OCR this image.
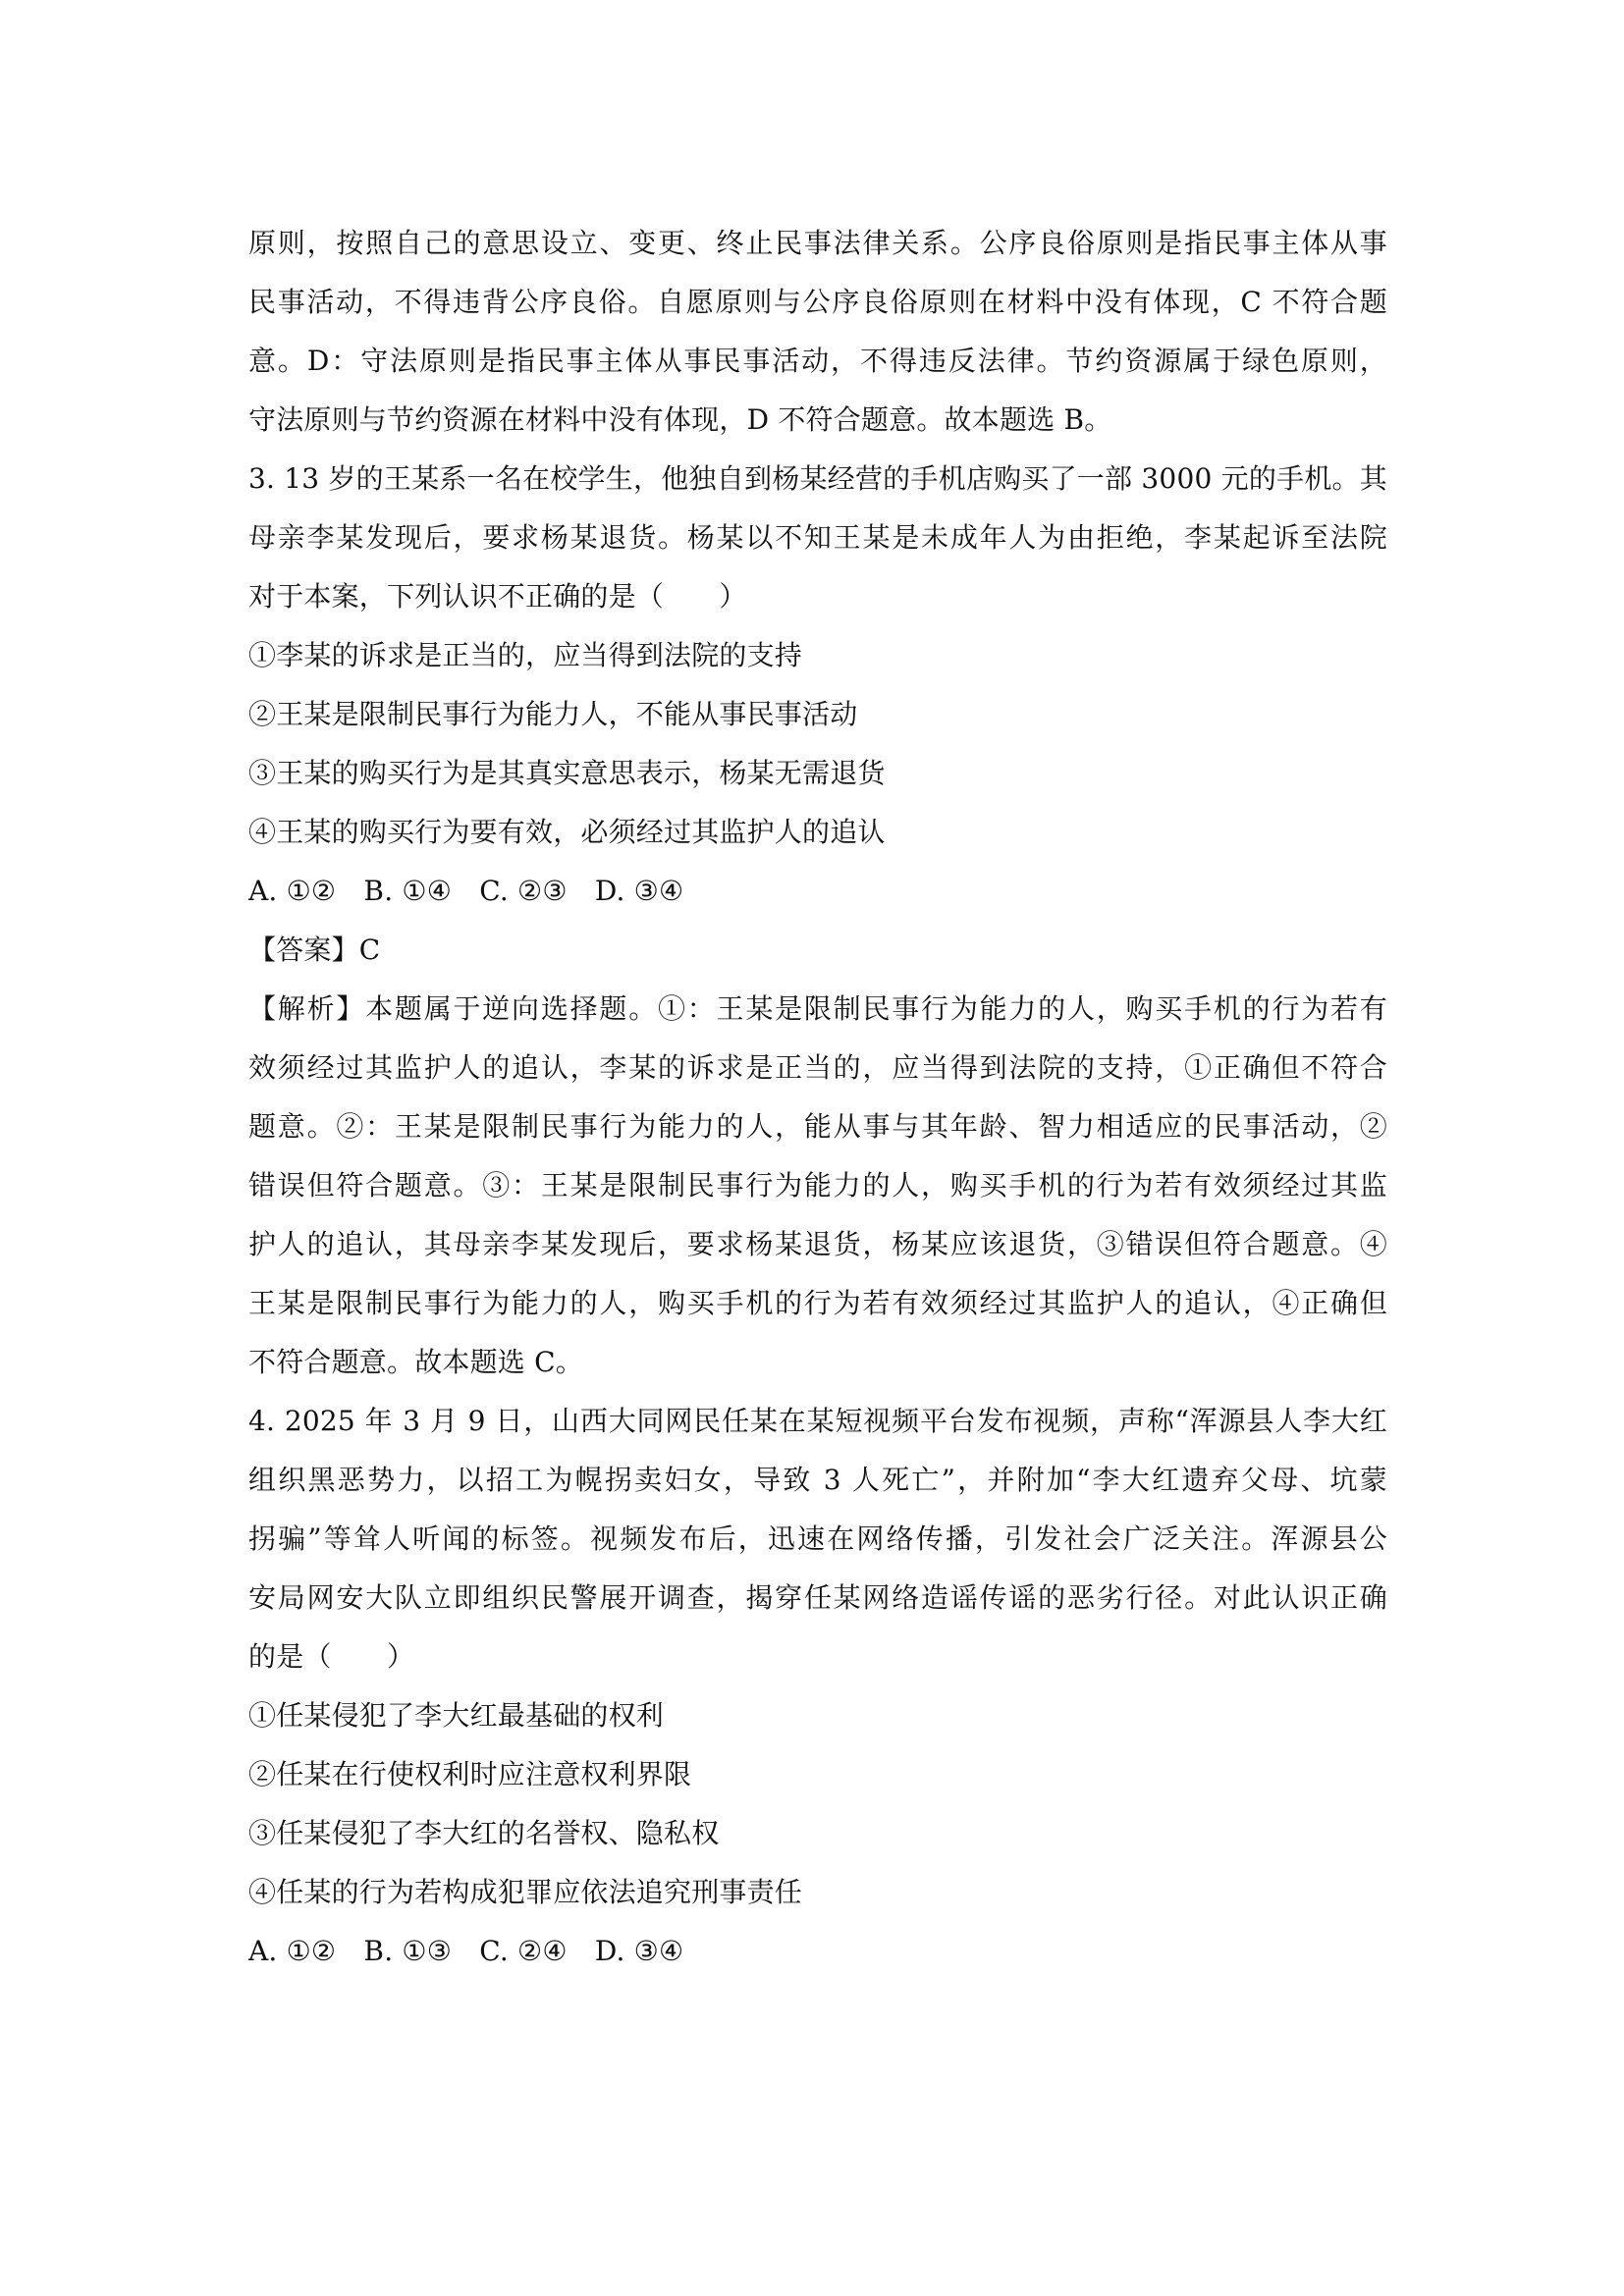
原则，按照自己的意思设立、变更、终止民事法律关系。公序良俗原则是指民事主体从事
民事活动，不得违背公序良俗。自愿原则与公序良俗原则在材料中没有体现，C 不符合题
意。D：守法原则是指民事主体从事民事活动，不得违反法律。节约资源属于绿色原则，
守法原则与节约资源在材料中没有体现，D 不符合题意。故本题选 B。
3. 13 岁的王某系一名在校学生，他独自到杨某经营的手机店购买了一部 3000 元的手机。其
母亲李某发现后，要求杨某退货。杨某以不知王某是未成年人为由拒绝，李某起诉至法院
对于本案，下列认识不正确的是（　　）
①李某的诉求是正当的，应当得到法院的支持
②王某是限制民事行为能力人，不能从事民事活动
③王某的购买行为是其真实意思表示，杨某无需退货
④王某的购买行为要有效，必须经过其监护人的追认
A. ①②　B. ①④　C. ②③　D. ③④
【答案】C
【解析】本题属于逆向选择题。①：王某是限制民事行为能力的人，购买手机的行为若有
效须经过其监护人的追认，李某的诉求是正当的，应当得到法院的支持，①正确但不符合
题意。②：王某是限制民事行为能力的人，能从事与其年龄、智力相适应的民事活动，②
错误但符合题意。③：王某是限制民事行为能力的人，购买手机的行为若有效须经过其监
护人的追认，其母亲李某发现后，要求杨某退货，杨某应该退货，③错误但符合题意。④
王某是限制民事行为能力的人，购买手机的行为若有效须经过其监护人的追认，④正确但
不符合题意。故本题选 C。
4. 2025 年 3 月 9 日，山西大同网民任某在某短视频平台发布视频，声称“浑源县人李大红
组织黑恶势力，以招工为幌拐卖妇女，导致 3 人死亡”，并附加“李大红遗弃父母、坑蒙
拐骗”等耸人听闻的标签。视频发布后，迅速在网络传播，引发社会广泛关注。浑源县公
安局网安大队立即组织民警展开调查，揭穿任某网络造谣传谣的恶劣行径。对此认识正确
的是（　　）
①任某侵犯了李大红最基础的权利
②任某在行使权利时应注意权利界限
③任某侵犯了李大红的名誉权、隐私权
④任某的行为若构成犯罪应依法追究刑事责任
A. ①②　B. ①③　C. ②④　D. ③④
